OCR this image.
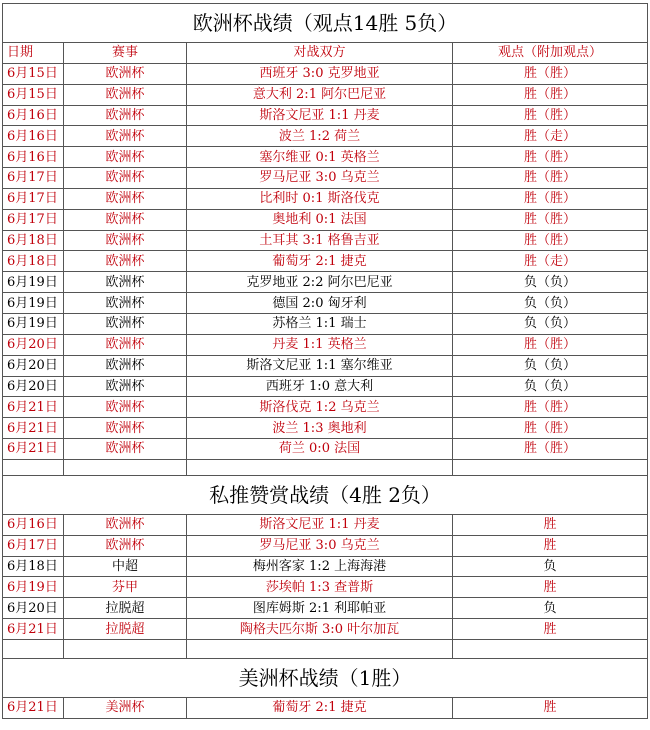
欧洲杯战绩（观点14胜 5负）			
日期	赛事	对战双方	观点（附加观点）
6月15日	欧洲杯	西班牙 3:0 克罗地亚	胜（胜）
6月15日	欧洲杯	意大利 2:1 阿尔巴尼亚	胜（胜）
6月16日	欧洲杯	斯洛文尼亚 1:1 丹麦	胜（胜）
6月16日	欧洲杯	波兰 1:2 荷兰	胜（走）
6月16日	欧洲杯	塞尔维亚 0:1 英格兰	胜（胜）
6月17日	欧洲杯	罗马尼亚 3:0 乌克兰	胜（胜）
6月17日	欧洲杯	比利时 0:1 斯洛伐克	胜（胜）
6月17日	欧洲杯	奥地利 0:1 法国	胜（胜）
6月18日	欧洲杯	土耳其 3:1 格鲁吉亚	胜（胜）
6月18日	欧洲杯	葡萄牙 2:1 捷克	胜（走）
6月19日	欧洲杯	克罗地亚 2:2 阿尔巴尼亚	负（负）
6月19日	欧洲杯	德国 2:0 匈牙利	负（负）
6月19日	欧洲杯	苏格兰 1:1 瑞士	负（负）
6月20日	欧洲杯	丹麦 1:1 英格兰	胜（胜）
6月20日	欧洲杯	斯洛文尼亚 1:1 塞尔维亚	负（负）
6月20日	欧洲杯	西班牙 1:0 意大利	负（负）
6月21日	欧洲杯	斯洛伐克 1:2 乌克兰	胜（胜）
6月21日	欧洲杯	波兰 1:3 奥地利	胜（胜）
6月21日	欧洲杯	荷兰 0:0 法国	胜（胜）

私推赞赏战绩（4胜 2负）			
6月16日	欧洲杯	斯洛文尼亚 1:1 丹麦	胜
6月17日	欧洲杯	罗马尼亚 3:0 乌克兰	胜
6月18日	中超	梅州客家 1:2 上海海港	负
6月19日	芬甲	莎埃帕 1:3 查普斯	胜
6月20日	拉脱超	图库姆斯 2:1 利耶帕亚	负
6月21日	拉脱超	陶格夫匹尔斯 3:0 叶尔加瓦	胜

美洲杯战绩（1胜）			
6月21日	美洲杯	葡萄牙 2:1 捷克	胜
